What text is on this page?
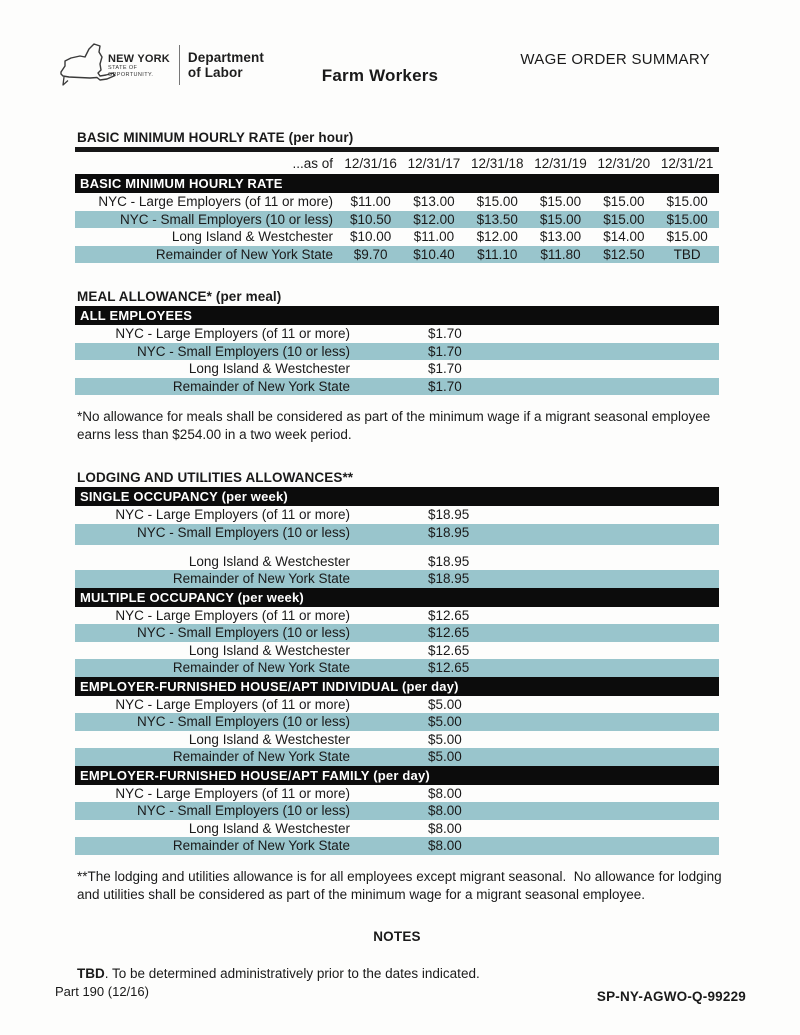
NEW YORK
STATE OF
OPPORTUNITY.
Department
of Labor	Farm Workers
WAGE ORDER SUMMARY
BASIC MINIMUM HOURLY RATE (per hour)
...as of 12/31/16 12/31/17 12/31/18 12/31/19 12/31/20 12/31/21
BASIC MINIMUM HOURLY RATE
NYC - Large Employers (of 11 or more)	$11.00	$13.00	$15.00	$15.00	$15.00	$15.00
NYC - Small Employers (10 or less)	$10.50	$12.00	$13.50	$15.00	$15.00	$15.00
Long Island & Westchester	$10.00	$11.00	$12.00	$13.00	$14.00	$15.00
Remainder of New York State	$9.70	$10.40	$11.10	$11.80	$12.50	TBD
MEAL ALLOWANCE* (per meal)
ALL EMPLOYEES
NYC - Large Employers (of 11 or more)	$1.70
NYC - Small Employers (10 or less)	$1.70
Long Island & Westchester	$1.70
Remainder of New York State	$1.70

*No allowance for meals shall be considered as part of the minimum wage if a migrant seasonal employee earns less than $254.00 in a two week period.

LODGING AND UTILITIES ALLOWANCES**
SINGLE OCCUPANCY (per week)
NYC - Large Employers (of 11 or more)	$18.95
NYC - Small Employers (10 or less)	$18.95
Long Island & Westchester	$18.95
Remainder of New York State	$18.95
MULTIPLE OCCUPANCY (per week)
NYC - Large Employers (of 11 or more)	$12.65
NYC - Small Employers (10 or less)	$12.65
Long Island & Westchester	$12.65
Remainder of New York State	$12.65
EMPLOYER-FURNISHED HOUSE/APT INDIVIDUAL (per day)
NYC - Large Employers (of 11 or more)	$5.00
NYC - Small Employers (10 or less)	$5.00
Long Island & Westchester	$5.00
Remainder of New York State	$5.00
EMPLOYER-FURNISHED HOUSE/APT FAMILY (per day)
NYC - Large Employers (of 11 or more)	$8.00
NYC - Small Employers (10 or less)	$8.00
Long Island & Westchester	$8.00
Remainder of New York State	$8.00

**The lodging and utilities allowance is for all employees except migrant seasonal.  No allowance for lodging and utilities shall be considered as part of the minimum wage for a migrant seasonal employee.

NOTES

TBD. To be determined administratively prior to the dates indicated.

Part 190 (12/16)	SP-NY-AGWO-Q-99229
